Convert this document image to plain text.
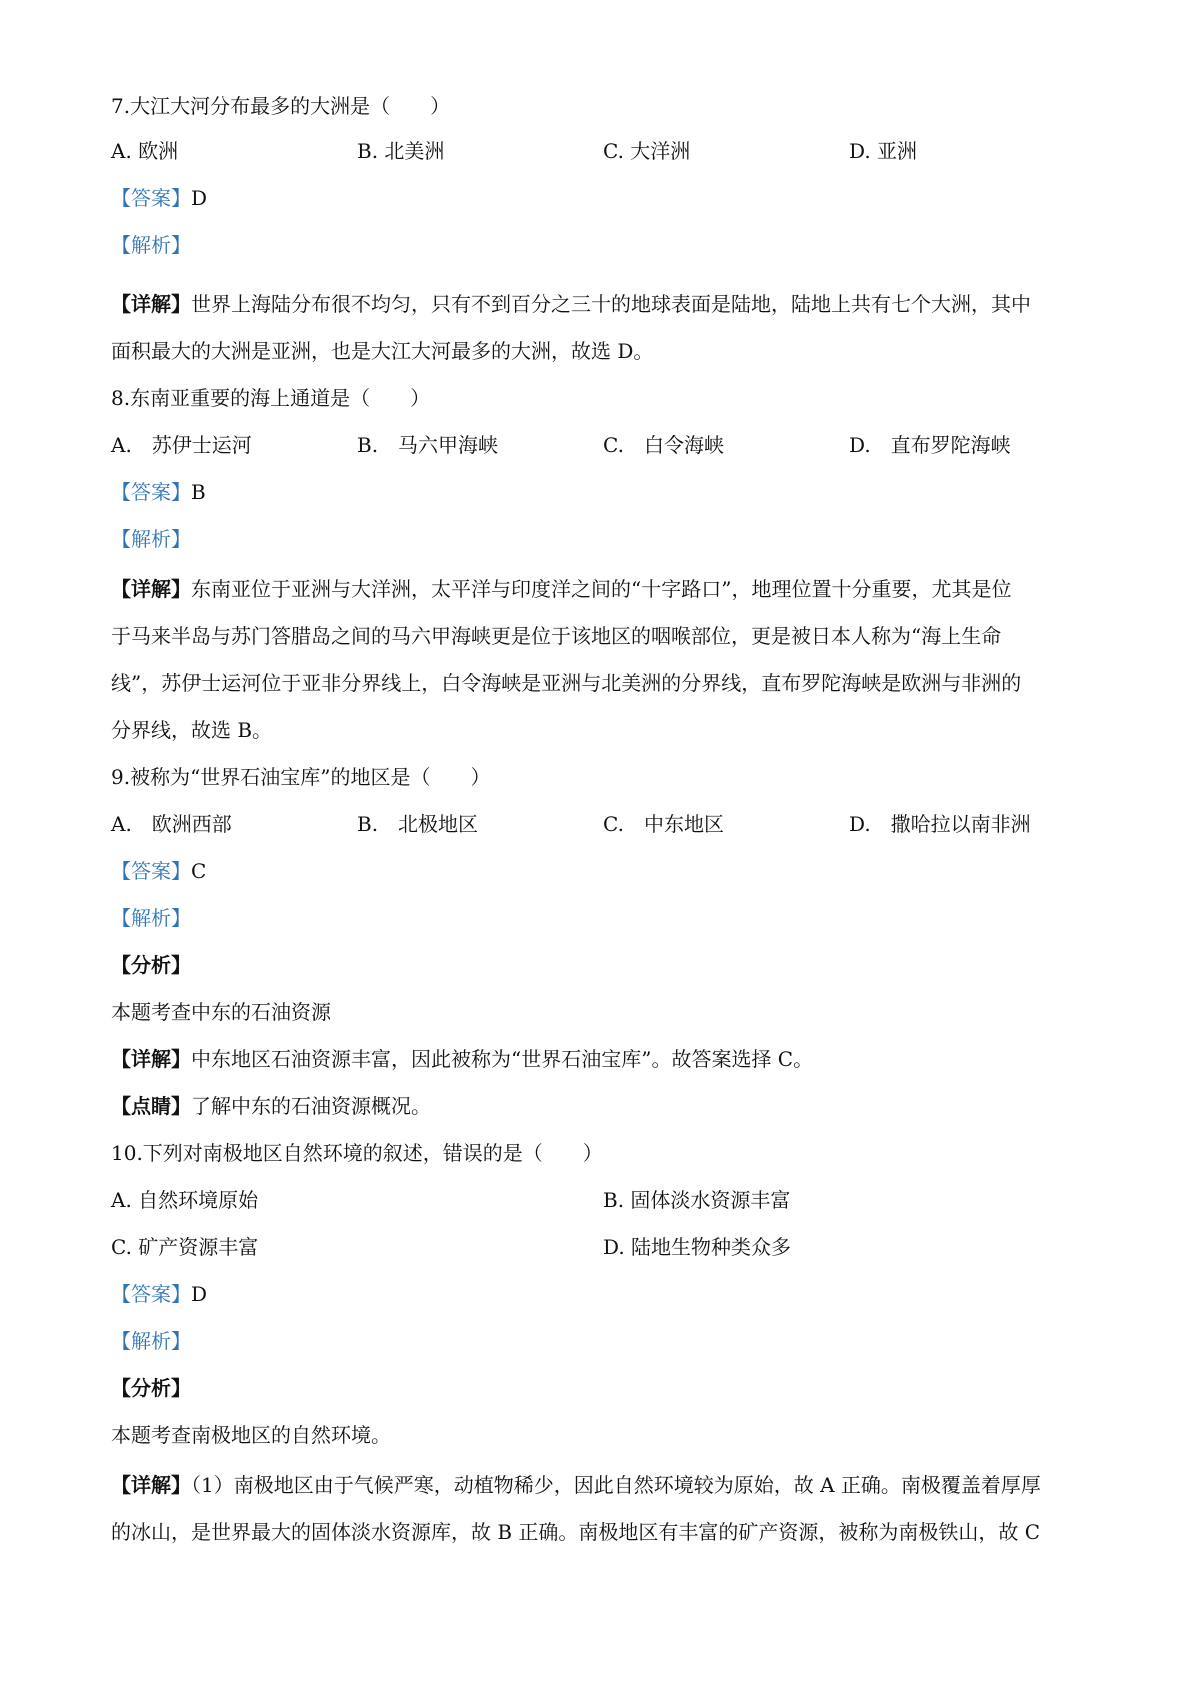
7.大江大河分布最多的大洲是（　　）
A. 欧洲	B. 北美洲	C. 大洋洲	D. 亚洲
【答案】D
【解析】
【详解】世界上海陆分布很不均匀，只有不到百分之三十的地球表面是陆地，陆地上共有七个大洲，其中
面积最大的大洲是亚洲，也是大江大河最多的大洲，故选 D。
8.东南亚重要的海上通道是（　　）
A.　苏伊士运河	B.　马六甲海峡	C.　白令海峡	D.　直布罗陀海峡
【答案】B
【解析】
【详解】东南亚位于亚洲与大洋洲，太平洋与印度洋之间的“十字路口”，地理位置十分重要，尤其是位
于马来半岛与苏门答腊岛之间的马六甲海峡更是位于该地区的咽喉部位，更是被日本人称为“海上生命
线”，苏伊士运河位于亚非分界线上，白令海峡是亚洲与北美洲的分界线，直布罗陀海峡是欧洲与非洲的
分界线，故选 B。
9.被称为“世界石油宝库”的地区是（　　）
A.　欧洲西部	B.　北极地区	C.　中东地区	D.　撒哈拉以南非洲
【答案】C
【解析】
【分析】
本题考查中东的石油资源
【详解】中东地区石油资源丰富，因此被称为“世界石油宝库”。故答案选择 C。
【点睛】了解中东的石油资源概况。
10.下列对南极地区自然环境的叙述，错误的是（　　）
A. 自然环境原始	B. 固体淡水资源丰富
C. 矿产资源丰富	D. 陆地生物种类众多
【答案】D
【解析】
【分析】
本题考查南极地区的自然环境。
【详解】（1）南极地区由于气候严寒，动植物稀少，因此自然环境较为原始，故 A 正确。南极覆盖着厚厚
的冰山，是世界最大的固体淡水资源库，故 B 正确。南极地区有丰富的矿产资源，被称为南极铁山，故 C
